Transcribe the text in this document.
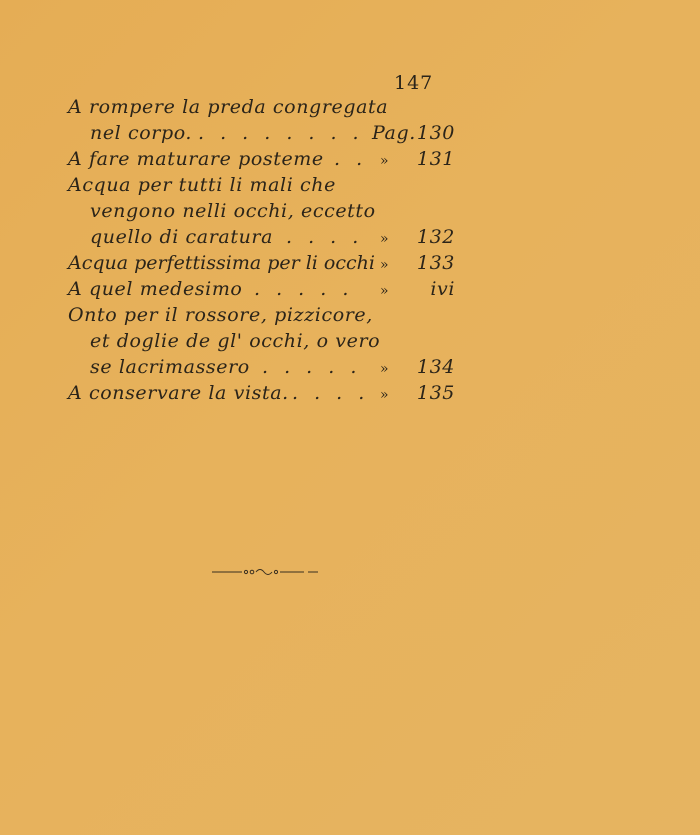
147
A rompere la preda congregata
nel corpo. . . . . . . . . Pag. 130
A fare maturare posteme . . » 131
Acqua per tutti li mali che
vengono nelli occhi, eccetto
quello di caratura . . . . » 132
Acqua perfettissima per li occhi » 133
A quel medesimo . . . . . » ivi
Onto per il rossore, pizzicore,
et doglie de gl' occhi, o vero
se lacrimassero . . . . . » 134
A conservare la vista. . . . . » 135
